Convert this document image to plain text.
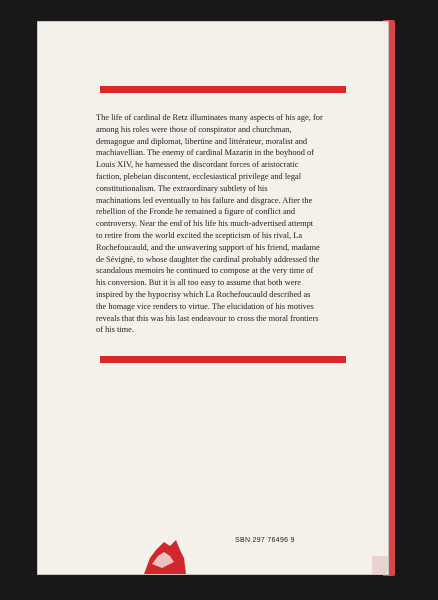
The life of cardinal de Retz illuminates many aspects of his age, for
among his roles were those of conspirator and churchman,
demagogue and diplomat, libertine and littérateur, moralist and
machiavellian. The enemy of cardinal Mazarin in the boyhood of
Louis XIV, he harnessed the discordant forces of aristocratic
faction, plebeian discontent, ecclesiastical privilege and legal
constitutionalism. The extraordinary subtlety of his
machinations led eventually to his failure and disgrace. After the
rebellion of the Fronde he remained a figure of conflict and
controversy. Near the end of his life his much-advertised attempt
to retire from the world excited the scepticism of his rival, La
Rochefoucauld, and the unwavering support of his friend, madame
de Sévigné, to whose daughter the cardinal probably addressed the
scandalous memoirs he continued to compose at the very time of
his conversion. But it is all too easy to assume that both were
inspired by the hypocrisy which La Rochefoucauld described as
the homage vice renders to virtue. The elucidation of his motives
reveals that this was his last endeavour to cross the moral frontiers
of his time.
SBN 297 76496 9
